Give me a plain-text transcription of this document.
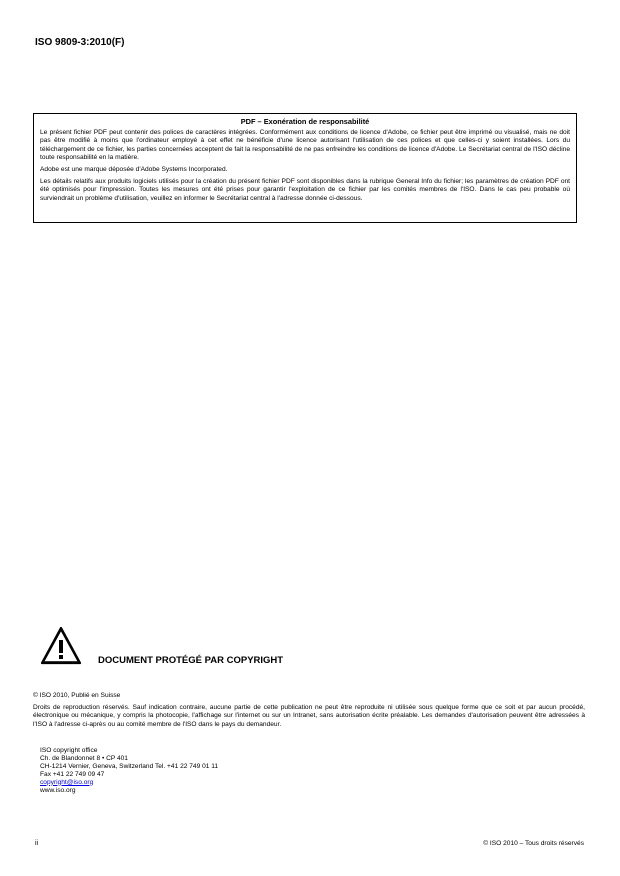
ISO 9809-3:2010(F)
PDF – Exonération de responsabilité

Le présent fichier PDF peut contenir des polices de caractères intégrées. Conformément aux conditions de licence d'Adobe, ce fichier peut être imprimé ou visualisé, mais ne doit pas être modifié à moins que l'ordinateur employé à cet effet ne bénéficie d'une licence autorisant l'utilisation de ces polices et que celles-ci y soient installées. Lors du téléchargement de ce fichier, les parties concernées acceptent de fait la responsabilité de ne pas enfreindre les conditions de licence d'Adobe. Le Secrétariat central de l'ISO décline toute responsabilité en la matière.

Adobe est une marque déposée d'Adobe Systems Incorporated.

Les détails relatifs aux produits logiciels utilisés pour la création du présent fichier PDF sont disponibles dans la rubrique General Info du fichier; les paramètres de création PDF ont été optimisés pour l'impression. Toutes les mesures ont été prises pour garantir l'exploitation de ce fichier par les comités membres de l'ISO. Dans le cas peu probable où surviendrait un problème d'utilisation, veuillez en informer le Secrétariat central à l'adresse donnée ci-dessous.

DOCUMENT PROTÉGÉ PAR COPYRIGHT
© ISO 2010, Publié en Suisse
Droits de reproduction réservés. Sauf indication contraire, aucune partie de cette publication ne peut être reproduite ni utilisée sous quelque forme que ce soit et par aucun procédé, électronique ou mécanique, y compris la photocopie, l'affichage sur l'internet ou sur un Intranet, sans autorisation écrite préalable. Les demandes d'autorisation peuvent être adressées à l'ISO à l'adresse ci-après ou au comité membre de l'ISO dans le pays du demandeur.
ISO copyright office
Ch. de Blandonnet 8 • CP 401
CH-1214 Vernier, Geneva, Switzerland Tel. +41 22 749 01 11
Fax +41 22 749 09 47
copyright@iso.org
www.iso.org
ii	© ISO 2010 – Tous droits réservés
